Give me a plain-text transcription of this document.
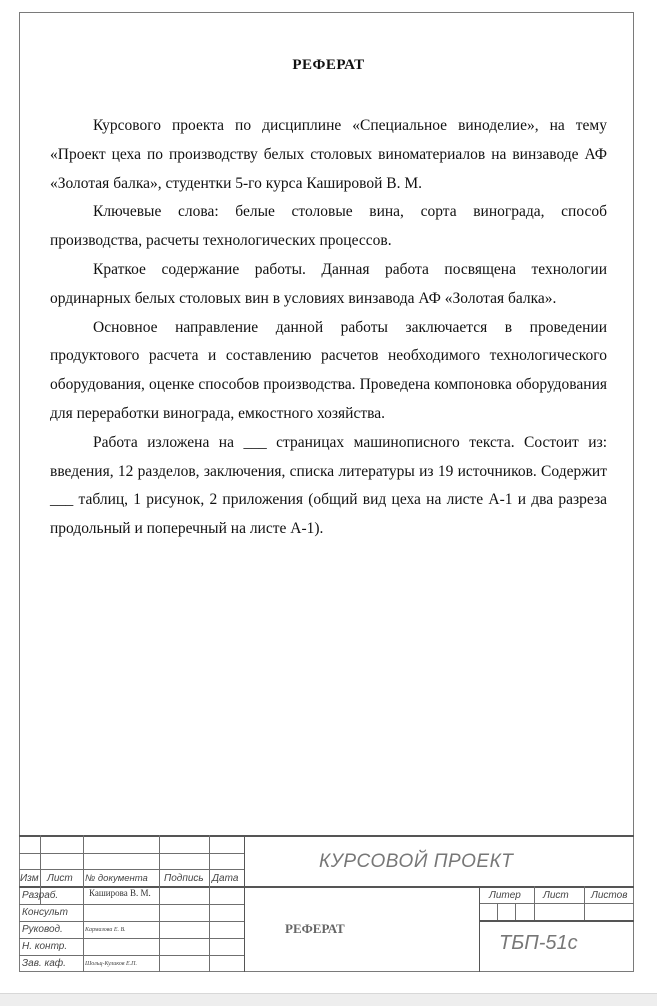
РЕФЕРАТ

Курсового проекта по дисциплине «Специальное виноделие», на тему «Проект цеха по производству белых столовых виноматериалов на винзаводе АФ «Золотая балка», студентки 5-го курса Кашировой В. М.

Ключевые слова: белые столовые вина, сорта винограда, способ производства, расчеты технологических процессов.

Краткое содержание работы. Данная работа посвящена технологии ординарных белых столовых вин в условиях винзавода АФ «Золотая балка».

Основное направление данной работы заключается в проведении продуктового расчета и составлению расчетов необходимого технологического оборудования, оценке способов производства. Проведена компоновка оборудования для переработки винограда, емкостного хозяйства.

Работа изложена на ___ страницах машинописного текста. Состоит из: введения, 12 разделов, заключения, списка литературы из 19 источников. Содержит ___ таблиц, 1 рисунок, 2 приложения (общий вид цеха на листе А-1 и два разреза продольный и поперечный на листе А-1).

Изм Лист № документа Подпись Дата
Разраб.
Консульт
Руковод.
Н. контр.
Зав. каф.
Каширова В. М.
Кармазова Е. В.
Шольц-Куликов Е.П.
КУРСОВОЙ ПРОЕКТ
РЕФЕРАТ
Литер Лист Листов
ТБП-51с
